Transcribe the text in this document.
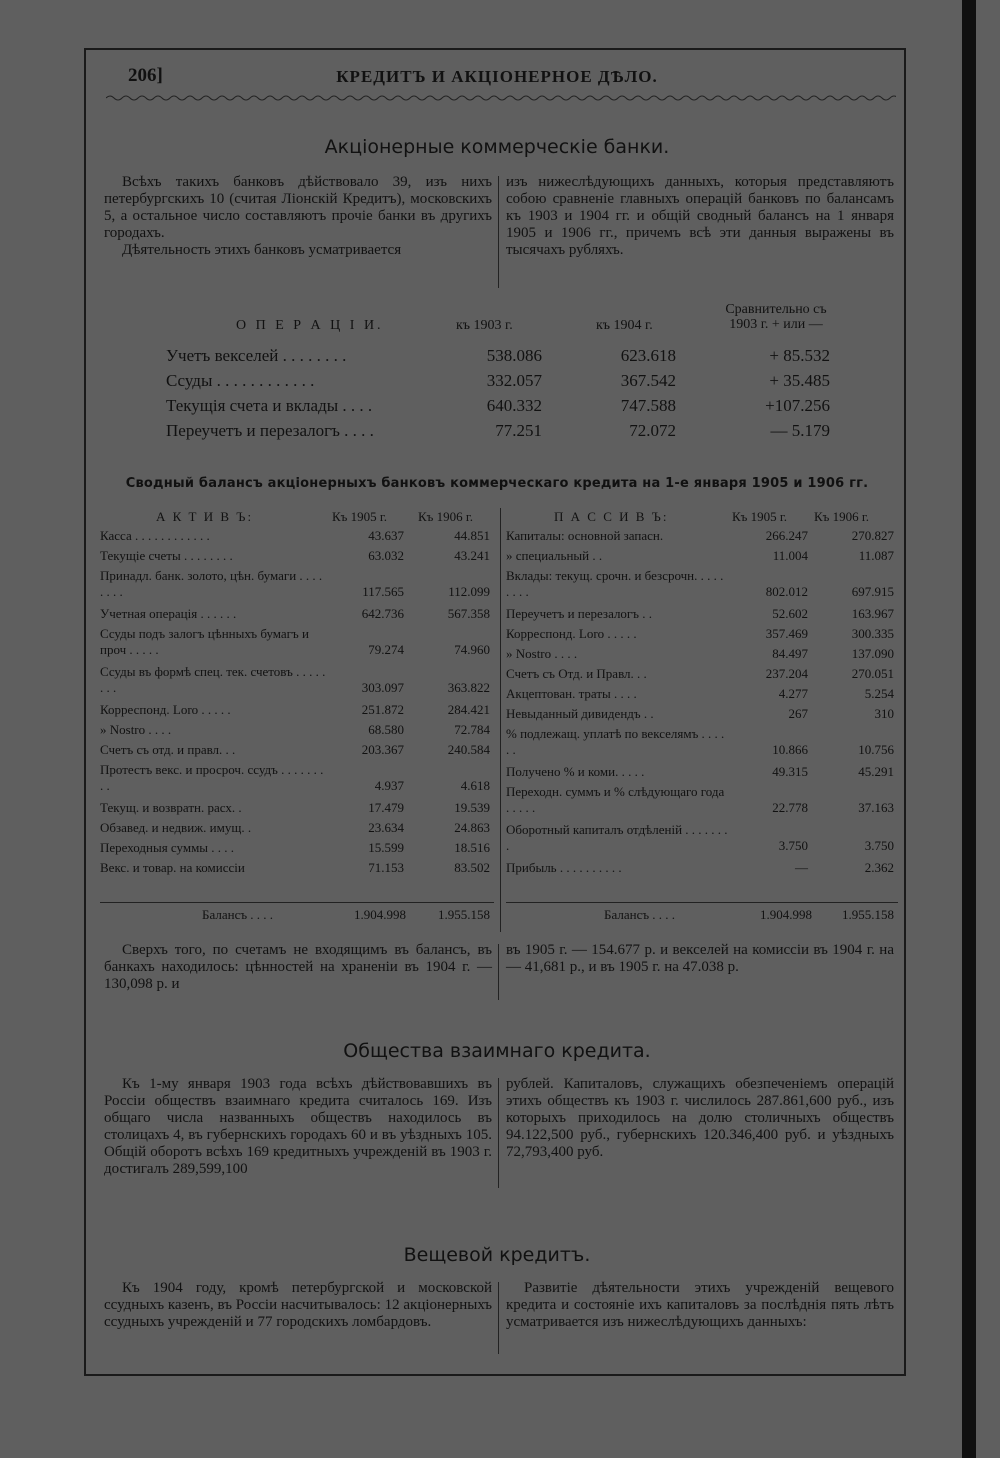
206]	КРЕДИТЪ И АКЦIОНЕРНОЕ ДѢЛО.
Акцiонерные коммерческiе банки.

Всѣхъ такихъ банковъ дѣйствовало 39, изъ нихъ петербургскихъ 10 (считая Лiонскiй Кредитъ), московскихъ 5, а остальное число составляютъ прочiе банки въ другихъ городахъ.

Дѣятельность этихъ банковъ усматривается

изъ нижеслѣдующихъ данныхъ, которыя представляютъ собою сравненiе главныхъ операцiй банковъ по балансамъ къ 1903 и 1904 гг. и общiй сводный балансъ на 1 января 1905 и 1906 гг., причемъ всѣ эти данныя выражены въ тысячахъ рубляхъ.

О П Е Р А Ц I И.	къ 1903 г.	къ 1904 г.
Сравнительно съ 1903 г. + или —
Учетъ векселей . . . . . . . .	538.086	623.618	+ 85.532
Ссуды . . . . . . . . . . . .	332.057	367.542	+ 35.485
Текущiя счета и вклады . . . .	640.332	747.588	+107.256
Переучетъ и перезалогъ . . . .	77.251	72.072	— 5.179
Сводный балансъ акцiонерныхъ банковъ коммерческаго кредита на 1-е января 1905 и 1906 гг.
А К Т И В Ъ:	Къ 1905 г. Къ 1906 г.
Касса . . . . . . . . . . . .	43.637	44.851
Текущiе счеты . . . . . . . .	63.032	43.241
Принадл. банк. золото, цѣн. бумаги . . . . . . . .	117.565	112.099
Учетная операцiя . . . . . .	642.736	567.358
Ссуды подъ залогъ цѣнныхъ бумагъ и проч . . . . .	79.274	74.960
Ссуды въ формѣ спец. тек. счетовъ . . . . . . . .	303.097	363.822
Корреспонд. Loro . . . . .	251.872	284.421
» Nostro . . . .	68.580	72.784
Счетъ съ отд. и правл. . .	203.367	240.584
Протестъ векс. и просроч. ссудъ . . . . . . . . .	4.937	4.618
Текущ. и возвратн. расх. .	17.479	19.539
Обзавед. и недвиж. имущ. .	23.634	24.863
Переходныя суммы . . . .	15.599	18.516
Векс. и товар. на комиссiи	71.153	83.502
П А С С И В Ъ:	Къ 1905 г. Къ 1906 г.
Капиталы: основной запасн.	266.247	270.827
» специальный . .	11.004	11.087
Вклады: текущ. срочн. и безсрочн. . . . . . . . .	802.012	697.915
Переучетъ и перезалогъ . .	52.602	163.967
Корреспонд. Loro . . . . .	357.469	300.335
» Nostro . . . .	84.497	137.090
Счетъ съ Отд. и Правл. . .	237.204	270.051
Акцептован. траты . . . .	4.277	5.254
Невыданный дивидендъ . .	267	310
% подлежащ. уплатѣ по векселямъ . . . . . .	10.866	10.756
Получено % и коми. . . . .	49.315	45.291
Переходн. суммъ и % слѣдующаго года . . . . .	22.778	37.163
Оборотный капиталъ отдѣленiй . . . . . . . .	3.750	3.750
Прибыль . . . . . . . . . .	—	2.362
Балансъ . . . .	1.904.998	1.955.158	Балансъ . . . .	1.904.998	1.955.158

Сверхъ того, по счетамъ не входящимъ въ балансъ, въ банкахъ находилось: цѣнностей на храненiи въ 1904 г. — 130,098 р. и

въ 1905 г. — 154.677 р. и векселей на комиссiи въ 1904 г. на — 41,681 р., и въ 1905 г. на 47.038 р.

Общества взаимнаго кредита.

Къ 1-му января 1903 года всѣхъ дѣйствовавшихъ въ Россiи обществъ взаимнаго кредита считалось 169. Изъ общаго числа названныхъ обществъ находилось въ столицахъ 4, въ губернскихъ городахъ 60 и въ уѣздныхъ 105. Общiй оборотъ всѣхъ 169 кредитныхъ учрежденiй въ 1903 г. достигалъ 289,599,100

рублей. Капиталовъ, служащихъ обезпеченiемъ операцiй этихъ обществъ къ 1903 г. числилось 287.861,600 руб., изъ которыхъ приходилось на долю столичныхъ обществъ 94.122,500 руб., губернскихъ 120.346,400 руб. и уѣздныхъ 72,793,400 руб.

Вещевой кредитъ.

Къ 1904 году, кромѣ петербургской и московской ссудныхъ казенъ, въ Россiи насчитывалось: 12 акцiонерныхъ ссудныхъ учрежденiй и 77 городскихъ ломбардовъ.

Развитiе дѣятельности этихъ учрежденiй вещевого кредита и состоянiе ихъ капиталовъ за послѣднiя пять лѣтъ усматривается изъ нижеслѣдующихъ данныхъ:
